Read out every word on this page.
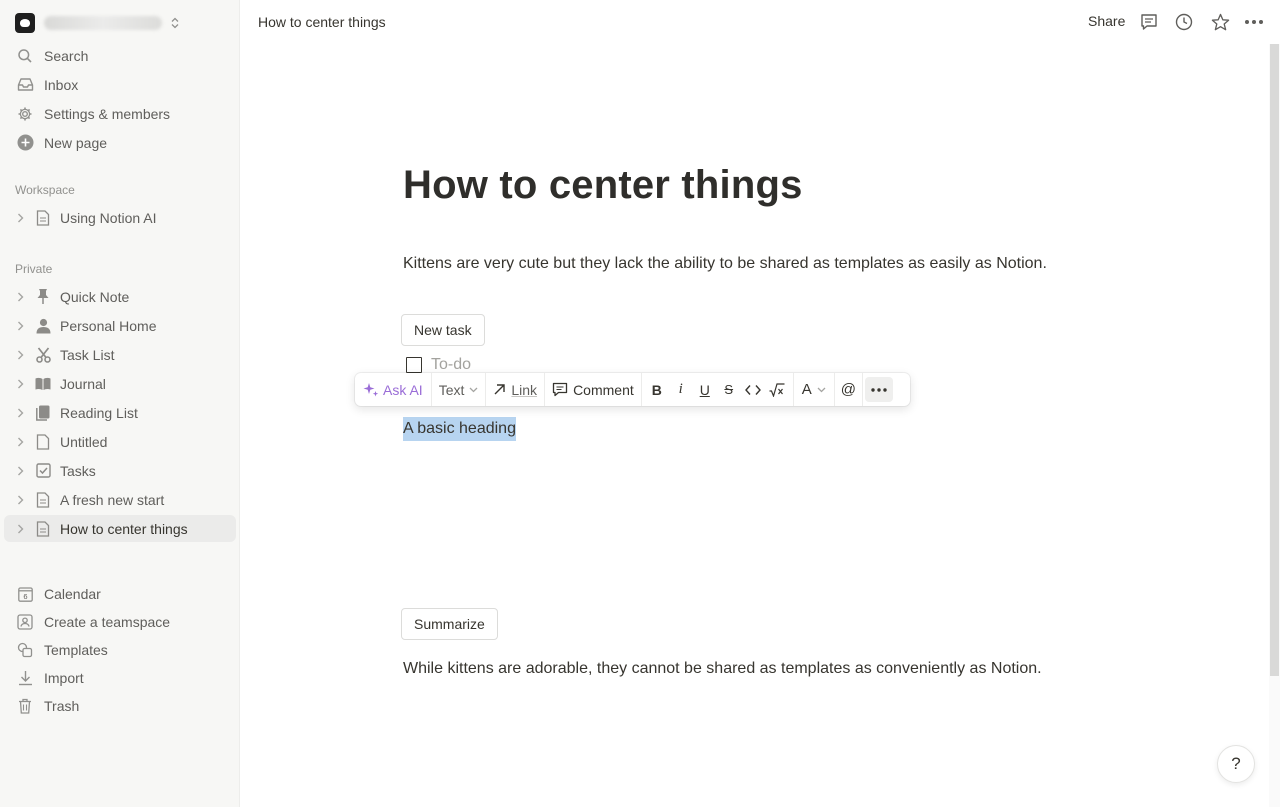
Search
Inbox
Settings & members
New page
Workspace
Using Notion AI
Private
Quick Note
Personal Home
Task List
Journal
Reading List
Untitled
Tasks
A fresh new start
How to center things
6 Calendar
Create a teamspace
Templates
Import
Trash
How to center things	Share
How to center things
Kittens are very cute but they lack the ability to be shared as templates as easily as Notion.
New task
To-do
A basic heading
Summarize
While kittens are adorable, they cannot be shared as templates as conveniently as Notion.
Ask AI Text	Link	Comment	B	i	U	S	A	@
?
